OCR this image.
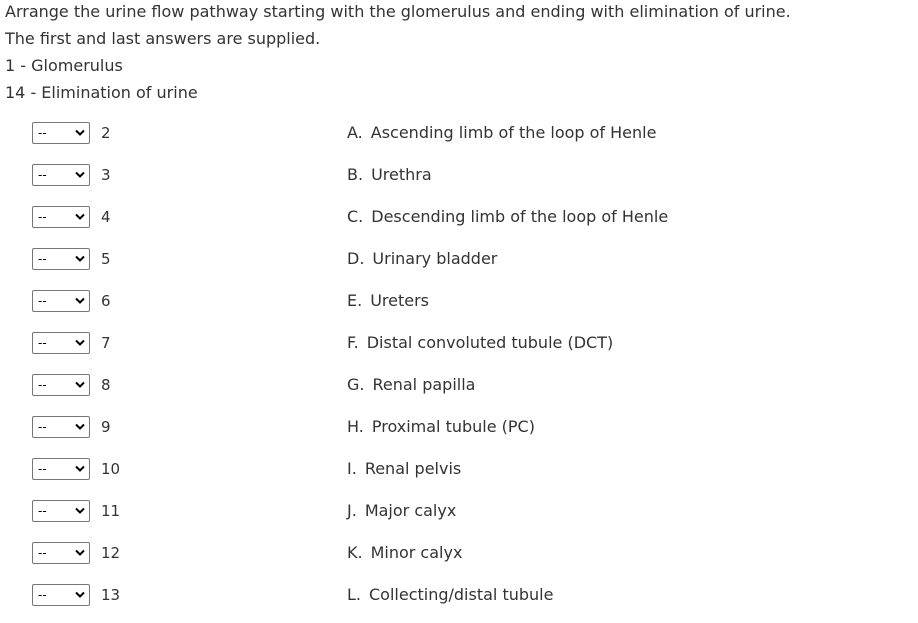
Arrange the urine flow pathway starting with the glomerulus and ending with elimination of urine.
The first and last answers are supplied.
1 - Glomerulus
14 - Elimination of urine
--	2	A. Ascending limb of the loop of Henle
--	3	B. Urethra
--	4	C. Descending limb of the loop of Henle
--	5	D. Urinary bladder
--	6	E. Ureters
--	7	F. Distal convoluted tubule (DCT)
--	8	G. Renal papilla
--	9	H. Proximal tubule (PC)
--	10	I. Renal pelvis
--	11	J. Major calyx
--	12	K. Minor calyx
--	13	L. Collecting/distal tubule
